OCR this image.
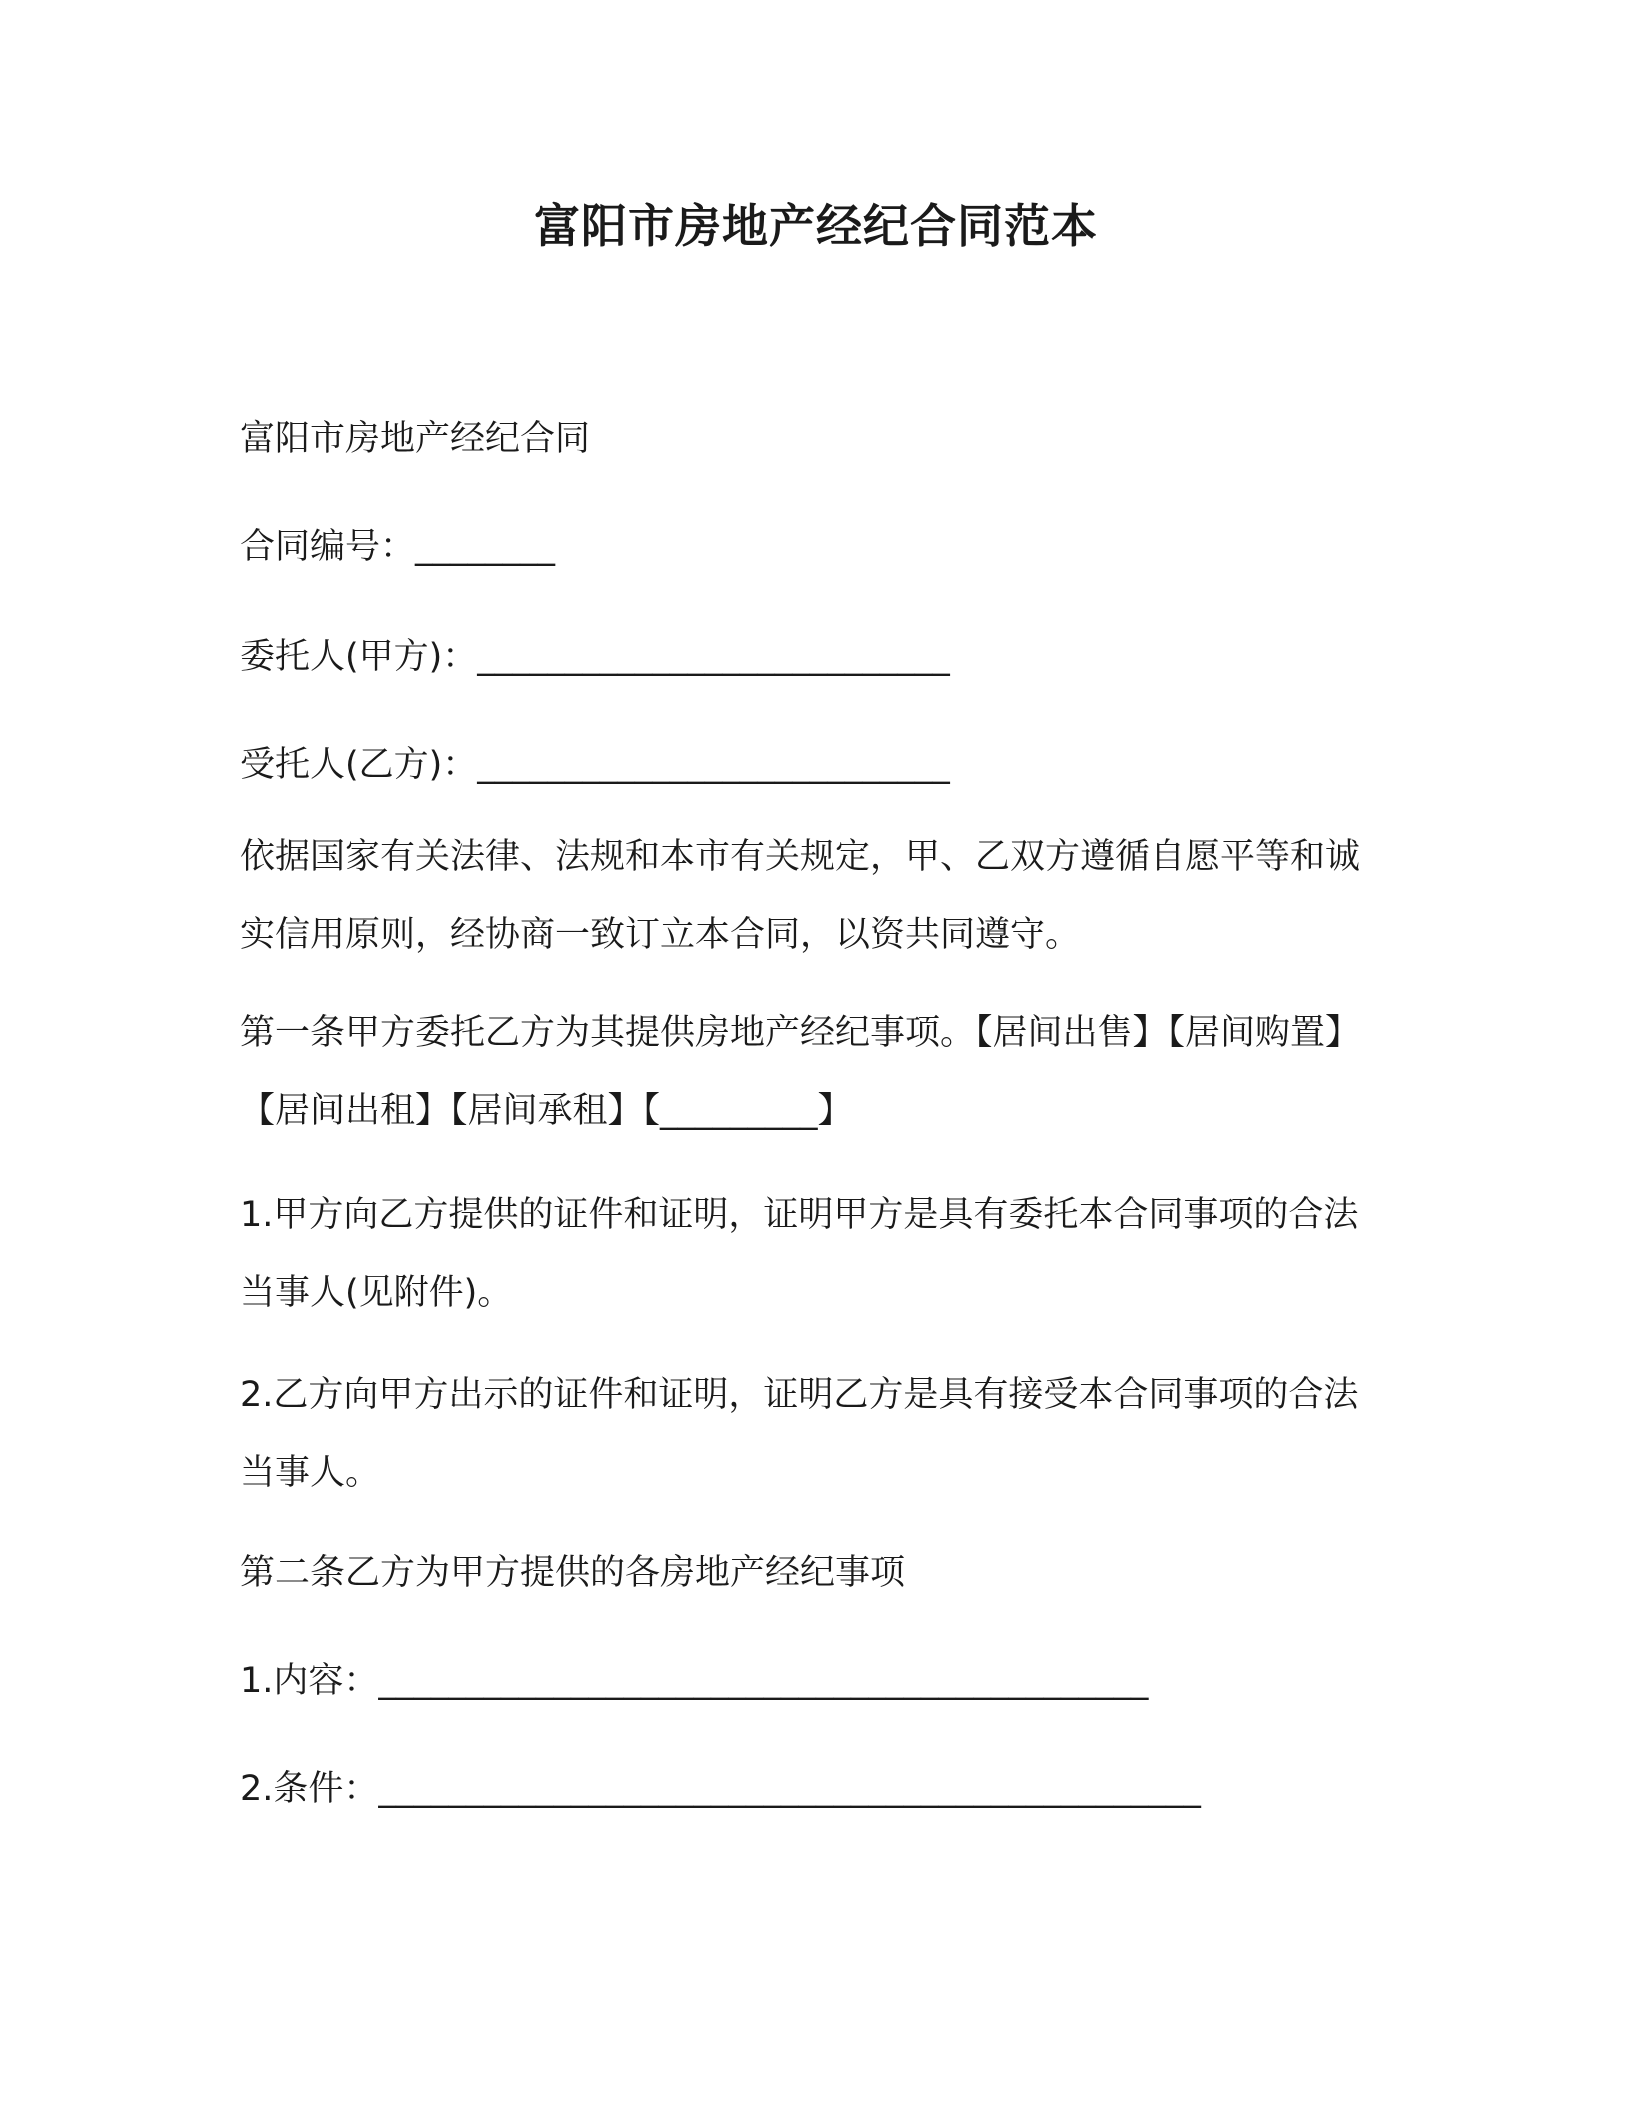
富阳市房地产经纪合同范本
富阳市房地产经纪合同
合同编号：________
委托人(甲方)：___________________________
受托人(乙方)：___________________________
依据国家有关法律、法规和本市有关规定，甲、乙双方遵循自愿平等和诚实信用原则，经协商一致订立本合同，以资共同遵守。
第一条甲方委托乙方为其提供房地产经纪事项。【居间出售】【居间购置】【居间出租】【居间承租】【_________】
1.甲方向乙方提供的证件和证明，证明甲方是具有委托本合同事项的合法当事人(见附件)。
2.乙方向甲方出示的证件和证明，证明乙方是具有接受本合同事项的合法当事人。
第二条乙方为甲方提供的各房地产经纪事项
1.内容：____________________________________________
2.条件：_______________________________________________
